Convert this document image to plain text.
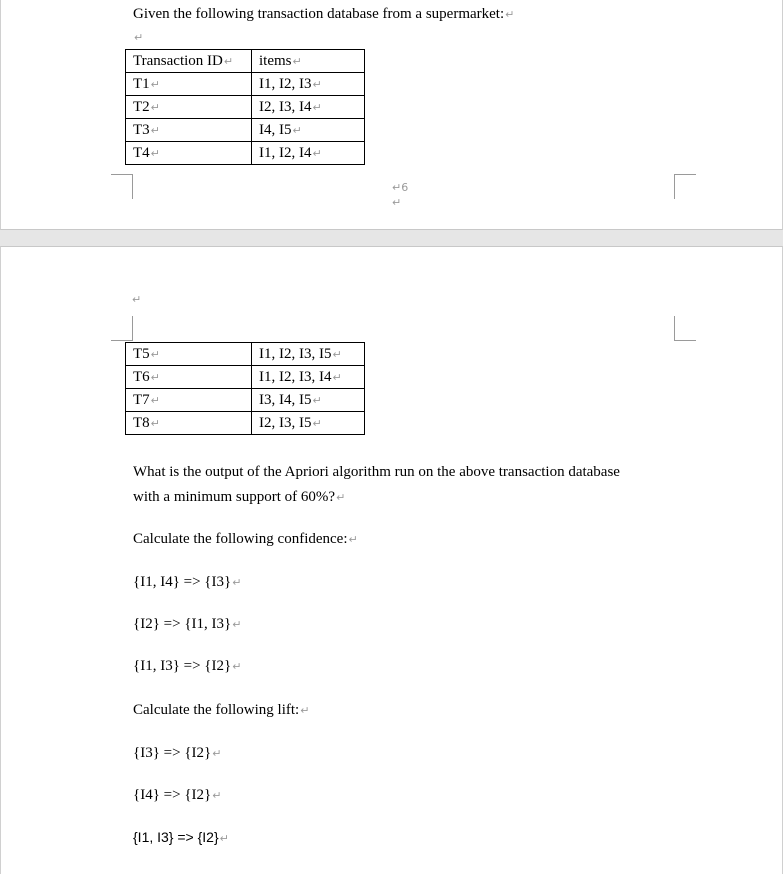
Given the following transaction database from a supermarket:↵
↵
Transaction ID↵	items↵
T1↵	I1, I2, I3↵
T2↵	I2, I3, I4↵
T3↵	I4, I5↵
T4↵	I1, I2, I4↵
↵6
↵
↵
T5↵	I1, I2, I3, I5↵
T6↵	I1, I2, I3, I4↵
T7↵	I3, I4, I5↵
T8↵	I2, I3, I5↵
What is the output of the Apriori algorithm run on the above transaction database
with a minimum support of 60%?↵
Calculate the following confidence:↵
{I1, I4} => {I3}↵
{I2} => {I1, I3}↵
{I1, I3} => {I2}↵
Calculate the following lift:↵
{I3} => {I2}↵
{I4} => {I2}↵
{I1, I3} => {I2}↵
